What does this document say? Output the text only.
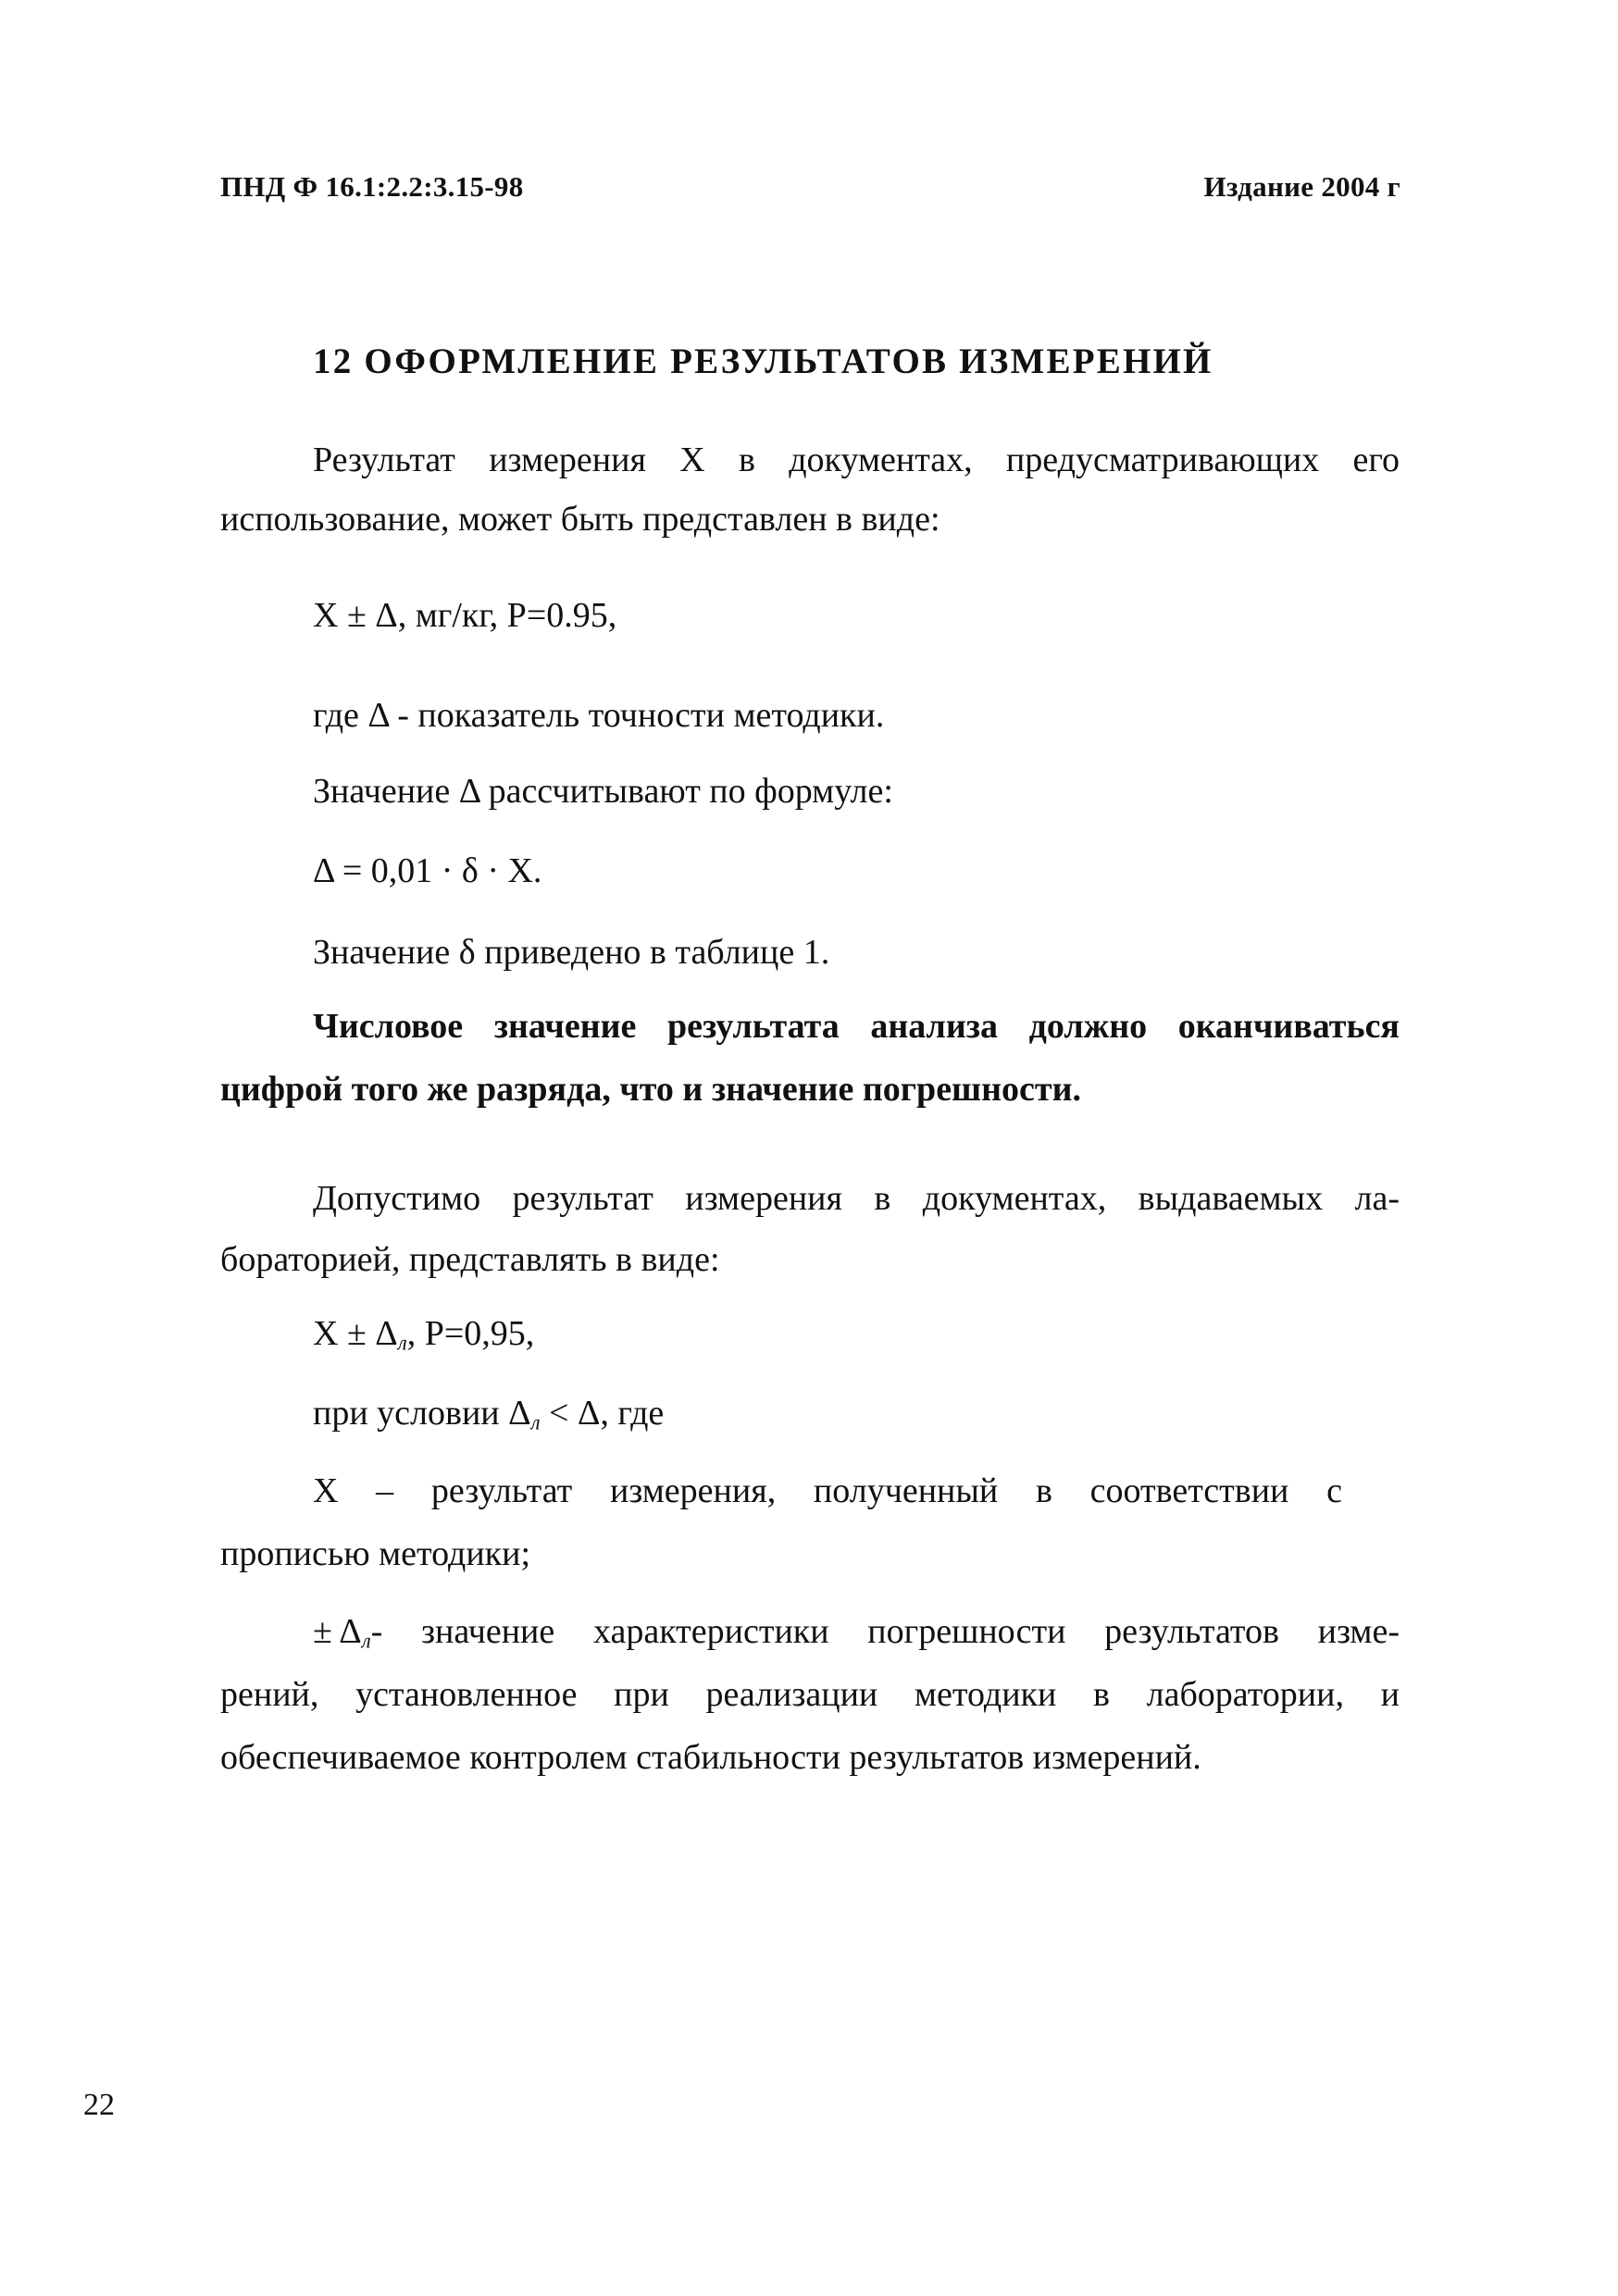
ПНД Ф 16.1:2.2:3.15-98	Издание 2004 г
12 ОФОРМЛЕНИЕ РЕЗУЛЬТАТОВ ИЗМЕРЕНИЙ
Результат измерения X в документах, предусматривающих его
использование, может быть представлен в виде:
X ± Δ, мг/кг, P=0.95,
где Δ - показатель точности методики.
Значение Δ рассчитывают по формуле:
Δ = 0,01 · δ · X.
Значение δ приведено в таблице 1.
Числовое значение результата анализа должно оканчиваться
цифрой того же разряда, что и значение погрешности.
Допустимо результат измерения в документах, выдаваемых ла-
бораторией, представлять в виде:
$X \pm \Delta_л$, P=0,95,
при условии $\Delta_л < \Delta$, где
X – результат измерения, полученный в соответствии с
прописью методики;
± $\Delta_л$ - значение характеристики погрешности результатов изме-
рений, установленное при реализации методики в лаборатории, и
обеспечиваемое контролем стабильности результатов измерений.
22
